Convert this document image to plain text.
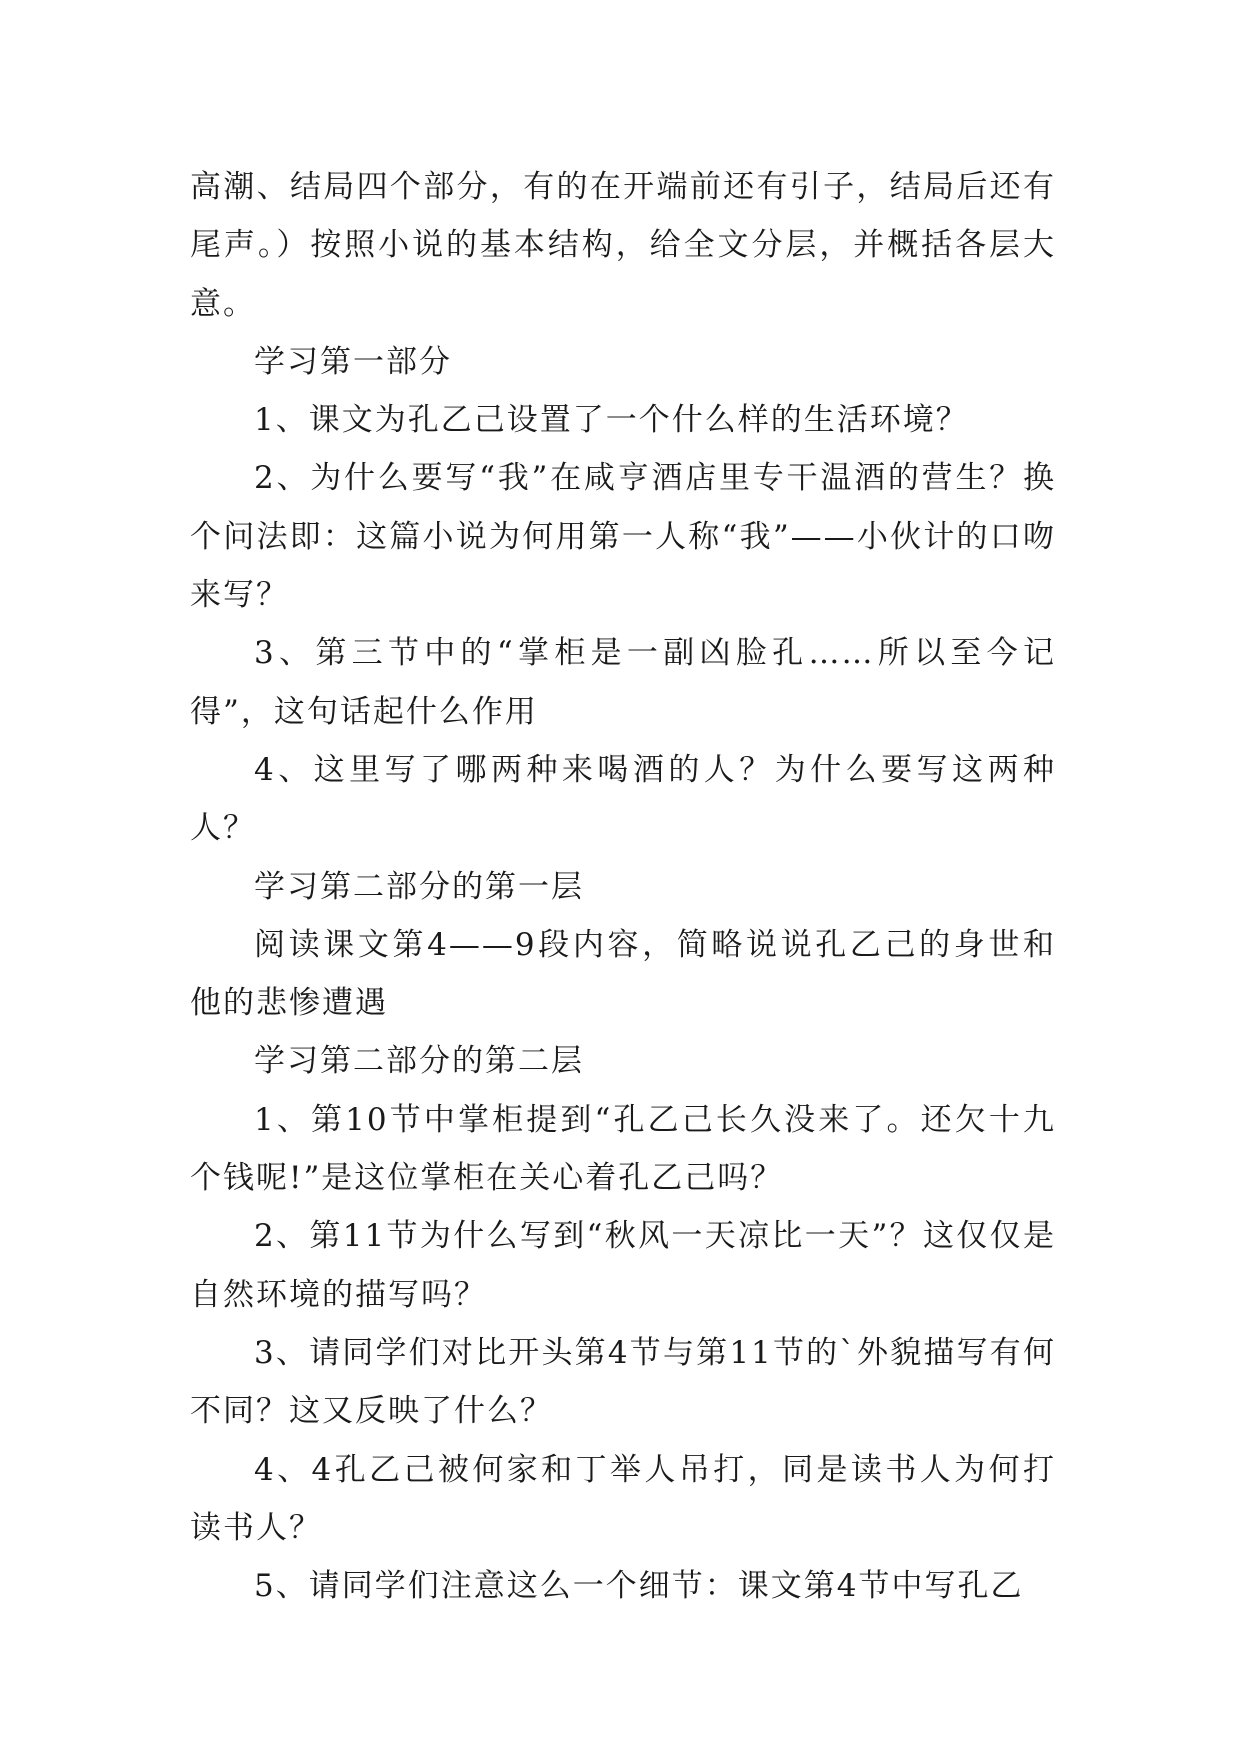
高潮、结局四个部分，有的在开端前还有引子，结局后还有尾声。）按照小说的基本结构，给全文分层，并概括各层大意。

学习第一部分

1、课文为孔乙己设置了一个什么样的生活环境？

2、为什么要写“我”在咸亨酒店里专干温酒的营生？换个问法即：这篇小说为何用第一人称“我”——小伙计的口吻来写？

3、第三节中的“掌柜是一副凶脸孔……所以至今记得”，这句话起什么作用

4、这里写了哪两种来喝酒的人？为什么要写这两种人？

学习第二部分的第一层

阅读课文第4——9段内容，简略说说孔乙己的身世和他的悲惨遭遇

学习第二部分的第二层

1、第10节中掌柜提到“孔乙己长久没来了。还欠十九个钱呢!”是这位掌柜在关心着孔乙己吗？

2、第11节为什么写到“秋风一天凉比一天”？这仅仅是自然环境的描写吗？

3、请同学们对比开头第4节与第11节的`外貌描写有何不同？这又反映了什么？

4、4孔乙己被何家和丁举人吊打，同是读书人为何打读书人？

5、请同学们注意这么一个细节：课文第4节中写孔乙
